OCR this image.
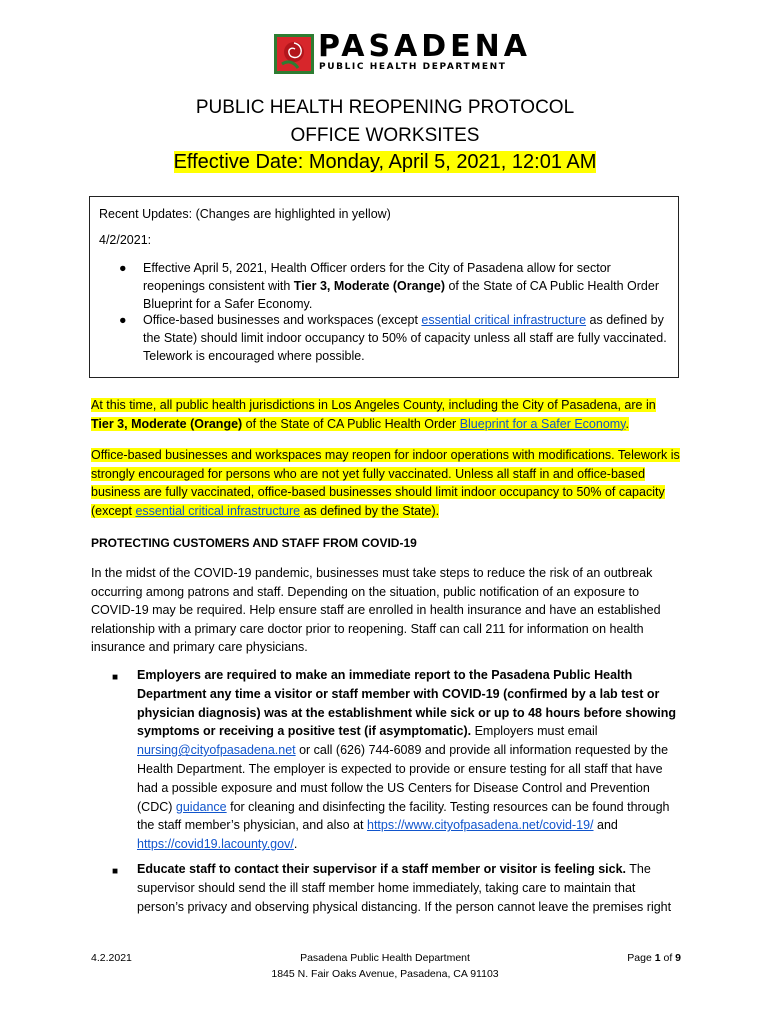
PASADENA
PUBLIC HEALTH DEPARTMENT
PUBLIC HEALTH REOPENING PROTOCOL
OFFICE WORKSITES
Effective Date: Monday, April 5, 2021, 12:01 AM

Recent Updates: (Changes are highlighted in yellow)

4/2/2021:

● Effective April 5, 2021, Health Officer orders for the City of Pasadena allow for sector reopenings consistent with Tier 3, Moderate (Orange) of the State of CA Public Health Order Blueprint for a Safer Economy.
● Office-based businesses and workspaces (except essential critical infrastructure as defined by the State) should limit indoor occupancy to 50% of capacity unless all staff are fully vaccinated. Telework is encouraged where possible.
At this time, all public health jurisdictions in Los Angeles County, including the City of Pasadena, are in Tier 3, Moderate (Orange) of the State of CA Public Health Order Blueprint for a Safer Economy.
Office-based businesses and workspaces may reopen for indoor operations with modifications. Telework is strongly encouraged for persons who are not yet fully vaccinated. Unless all staff in and office-based business are fully vaccinated, office-based businesses should limit indoor occupancy to 50% of capacity (except essential critical infrastructure as defined by the State).
PROTECTING CUSTOMERS AND STAFF FROM COVID-19
In the midst of the COVID-19 pandemic, businesses must take steps to reduce the risk of an outbreak occurring among patrons and staff. Depending on the situation, public notification of an exposure to COVID-19 may be required. Help ensure staff are enrolled in health insurance and have an established relationship with a primary care doctor prior to reopening. Staff can call 211 for information on health insurance and primary care physicians.
■ Employers are required to make an immediate report to the Pasadena Public Health Department any time a visitor or staff member with COVID-19 (confirmed by a lab test or physician diagnosis) was at the establishment while sick or up to 48 hours before showing symptoms or receiving a positive test (if asymptomatic). Employers must email nursing@cityofpasadena.net or call (626) 744-6089 and provide all information requested by the Health Department. The employer is expected to provide or ensure testing for all staff that have had a possible exposure and must follow the US Centers for Disease Control and Prevention (CDC) guidance for cleaning and disinfecting the facility. Testing resources can be found through the staff member’s physician, and also at https://www.cityofpasadena.net/covid-19/ and https://covid19.lacounty.gov/.
■ Educate staff to contact their supervisor if a staff member or visitor is feeling sick. The supervisor should send the ill staff member home immediately, taking care to maintain that person’s privacy and observing physical distancing. If the person cannot leave the premises right
4.2.2021	Pasadena Public Health Department
1845 N. Fair Oaks Avenue, Pasadena, CA 91103
Page 1 of 9
